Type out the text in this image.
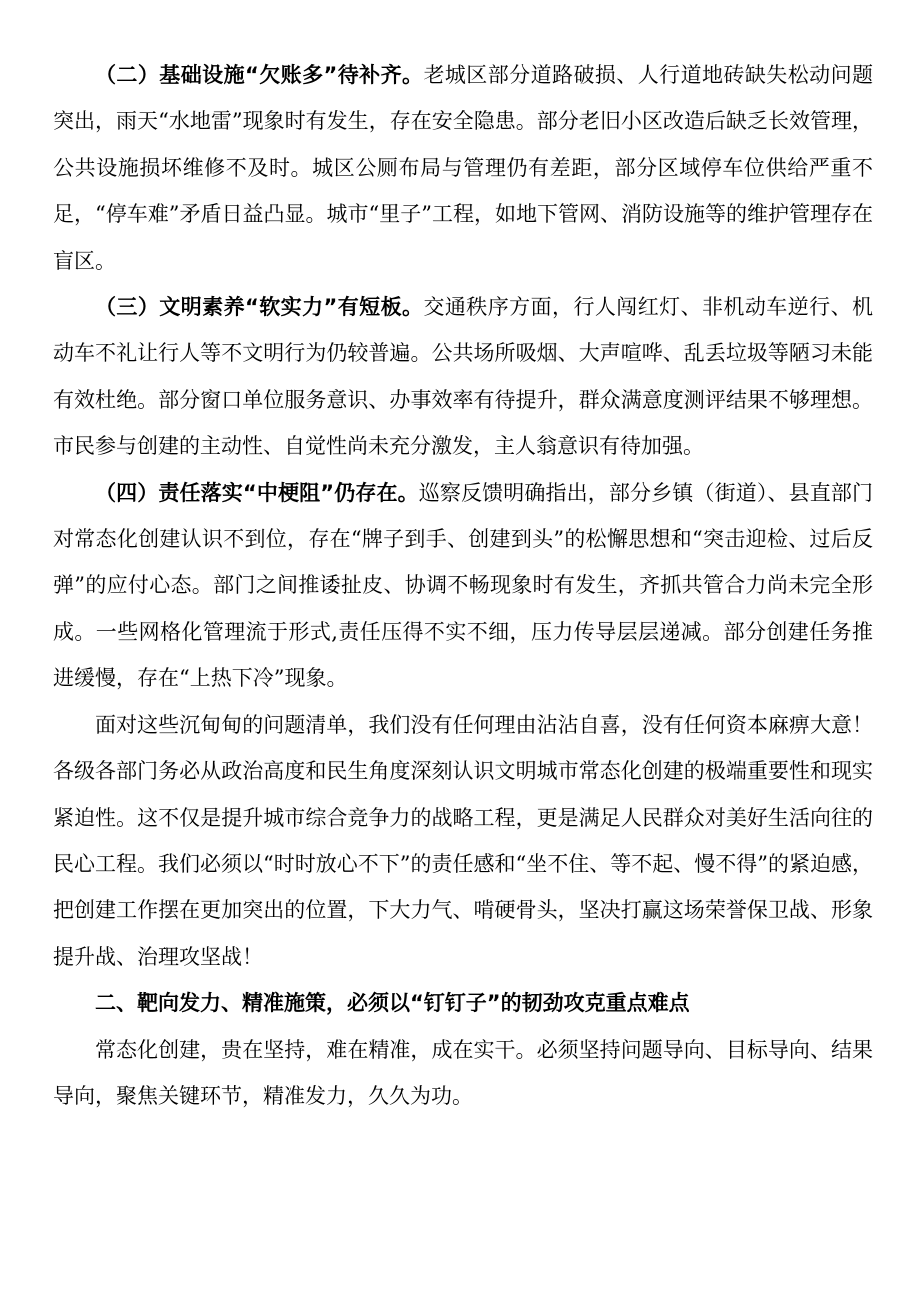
（二）基础设施“欠账多”待补齐。老城区部分道路破损、人行道地砖缺失松动问题突出，雨天“水地雷”现象时有发生，存在安全隐患。部分老旧小区改造后缺乏长效管理，公共设施损坏维修不及时。城区公厕布局与管理仍有差距，部分区域停车位供给严重不足，“停车难”矛盾日益凸显。城市“里子”工程，如地下管网、消防设施等的维护管理存在盲区。

（三）文明素养“软实力”有短板。交通秩序方面，行人闯红灯、非机动车逆行、机动车不礼让行人等不文明行为仍较普遍。公共场所吸烟、大声喧哗、乱丢垃圾等陋习未能有效杜绝。部分窗口单位服务意识、办事效率有待提升，群众满意度测评结果不够理想。市民参与创建的主动性、自觉性尚未充分激发，主人翁意识有待加强。

（四）责任落实“中梗阻”仍存在。巡察反馈明确指出，部分乡镇（街道）、县直部门对常态化创建认识不到位，存在“牌子到手、创建到头”的松懈思想和“突击迎检、过后反弹”的应付心态。部门之间推诿扯皮、协调不畅现象时有发生，齐抓共管合力尚未完全形成。一些网格化管理流于形式,责任压得不实不细，压力传导层层递减。部分创建任务推进缓慢，存在“上热下冷”现象。

面对这些沉甸甸的问题清单，我们没有任何理由沾沾自喜，没有任何资本麻痹大意！各级各部门务必从政治高度和民生角度深刻认识文明城市常态化创建的极端重要性和现实紧迫性。这不仅是提升城市综合竞争力的战略工程，更是满足人民群众对美好生活向往的民心工程。我们必须以“时时放心不下”的责任感和“坐不住、等不起、慢不得”的紧迫感，把创建工作摆在更加突出的位置，下大力气、啃硬骨头，坚决打赢这场荣誉保卫战、形象提升战、治理攻坚战！

二、靶向发力、精准施策，必须以“钉钉子”的韧劲攻克重点难点

常态化创建，贵在坚持，难在精准，成在实干。必须坚持问题导向、目标导向、结果导向，聚焦关键环节，精准发力，久久为功。
